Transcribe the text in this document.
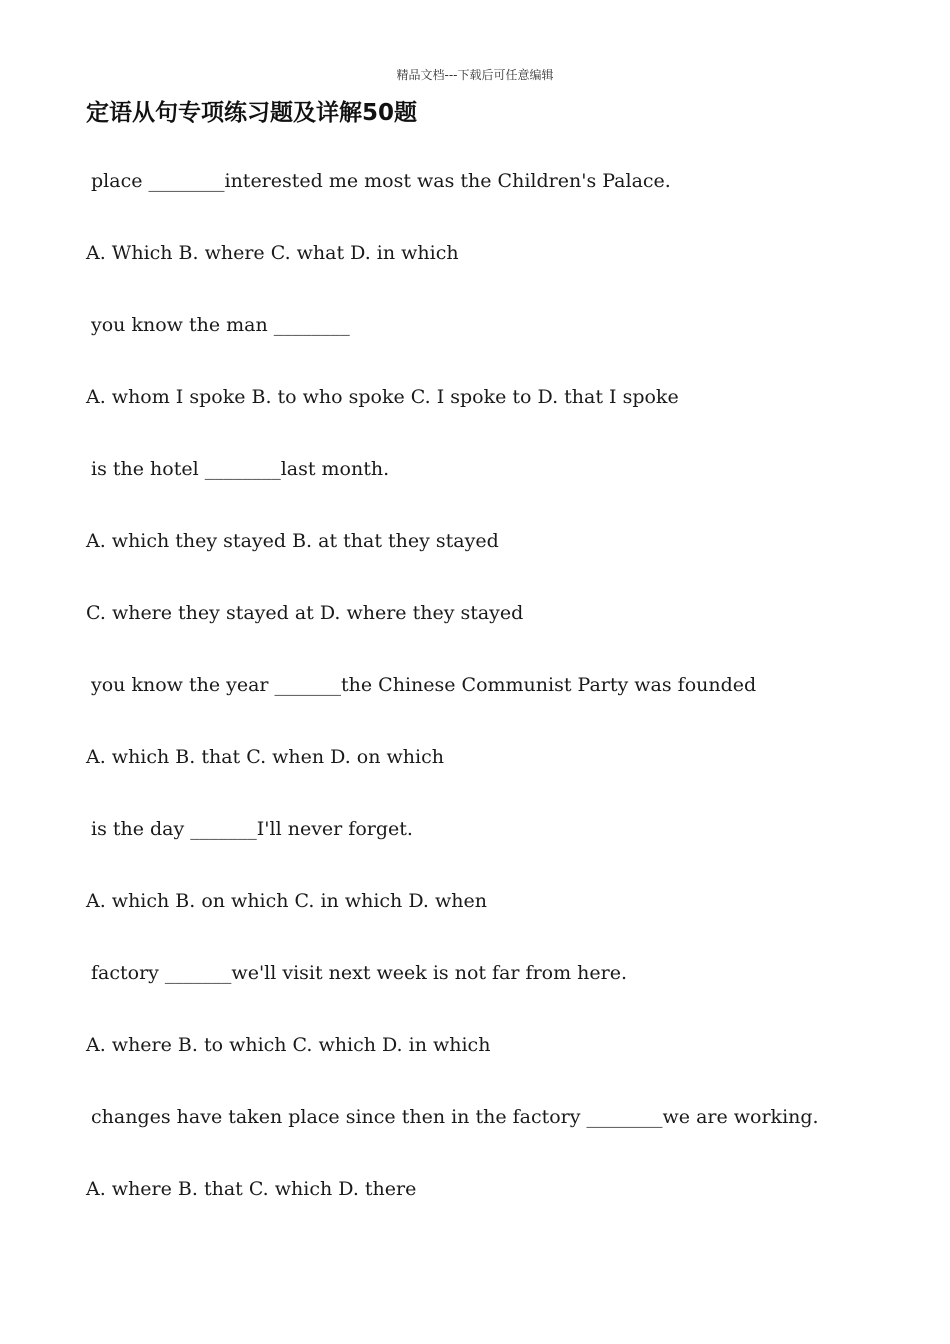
精品文档---下载后可任意编辑
定语从句专项练习题及详解50题
place ________interested me most was the Children's Palace.
A. Which B. where C. what D. in which
you know the man ________
A. whom I spoke B. to who spoke C. I spoke to D. that I spoke
is the hotel ________last month.
A. which they stayed B. at that they stayed
C. where they stayed at D. where they stayed
you know the year _______the Chinese Communist Party was founded
A. which B. that C. when D. on which
is the day _______I'll never forget.
A. which B. on which C. in which D. when
factory _______we'll visit next week is not far from here.
A. where B. to which C. which D. in which
changes have taken place since then in the factory ________we are working.
A. where B. that C. which D. there
